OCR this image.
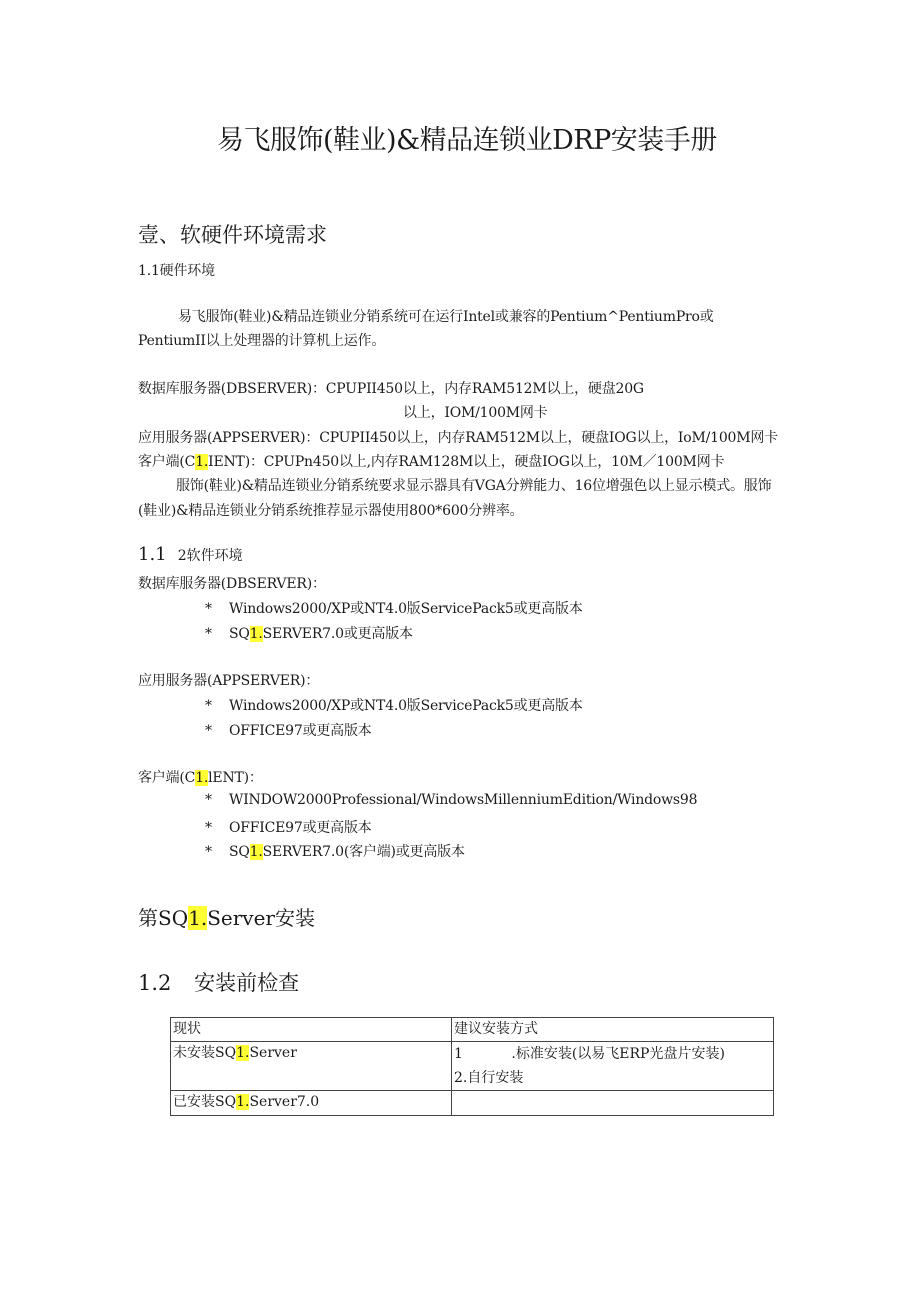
易飞服饰(鞋业)&精品连锁业DRP安装手册
壹、软硬件环境需求
1.1硬件环境
易飞服饰(鞋业)&精品连锁业分销系统可在运行Intel或兼容的Pentium^PentiumPro或
PentiumII以上处理器的计算机上运作。
数据库服务器(DBSERVER)：CPUPII450以上，内存RAM512M以上，硬盘20G
以上，IOM/100M网卡
应用服务器(APPSERVER)：CPUPII450以上，内存RAM512M以上，硬盘IOG以上，IoM/100M网卡
客户端(C1.IENT)：CPUPn450以上,内存RAM128M以上，硬盘IOG以上，10M／100M网卡
服饰(鞋业)&精品连锁业分销系统要求显示器具有VGA分辨能力、16位增强色以上显示模式。服饰
(鞋业)&精品连锁业分销系统推荐显示器使用800*600分辨率。
1.1 2软件环境
数据库服务器(DBSERVER)：
* Windows2000/XP或NT4.0版ServicePack5或更高版本
* SQ1.SERVER7.0或更高版本
应用服务器(APPSERVER)：
* Windows2000/XP或NT4.0版ServicePack5或更高版本
* OFFICE97或更高版本
客户端(C1.lENT)：
* WINDOW2000Professional/WindowsMillenniumEdition/Windows98
* OFFICE97或更高版本
* SQ1.SERVER7.0(客户端)或更高版本
第SQ1.Server安装
1.2 安装前检查
现状	建议安装方式
未安装SQ1.Server	1 .标准安装(以易飞ERP光盘片安装)
2.自行安装

已安装SQ1.Server7.0	
